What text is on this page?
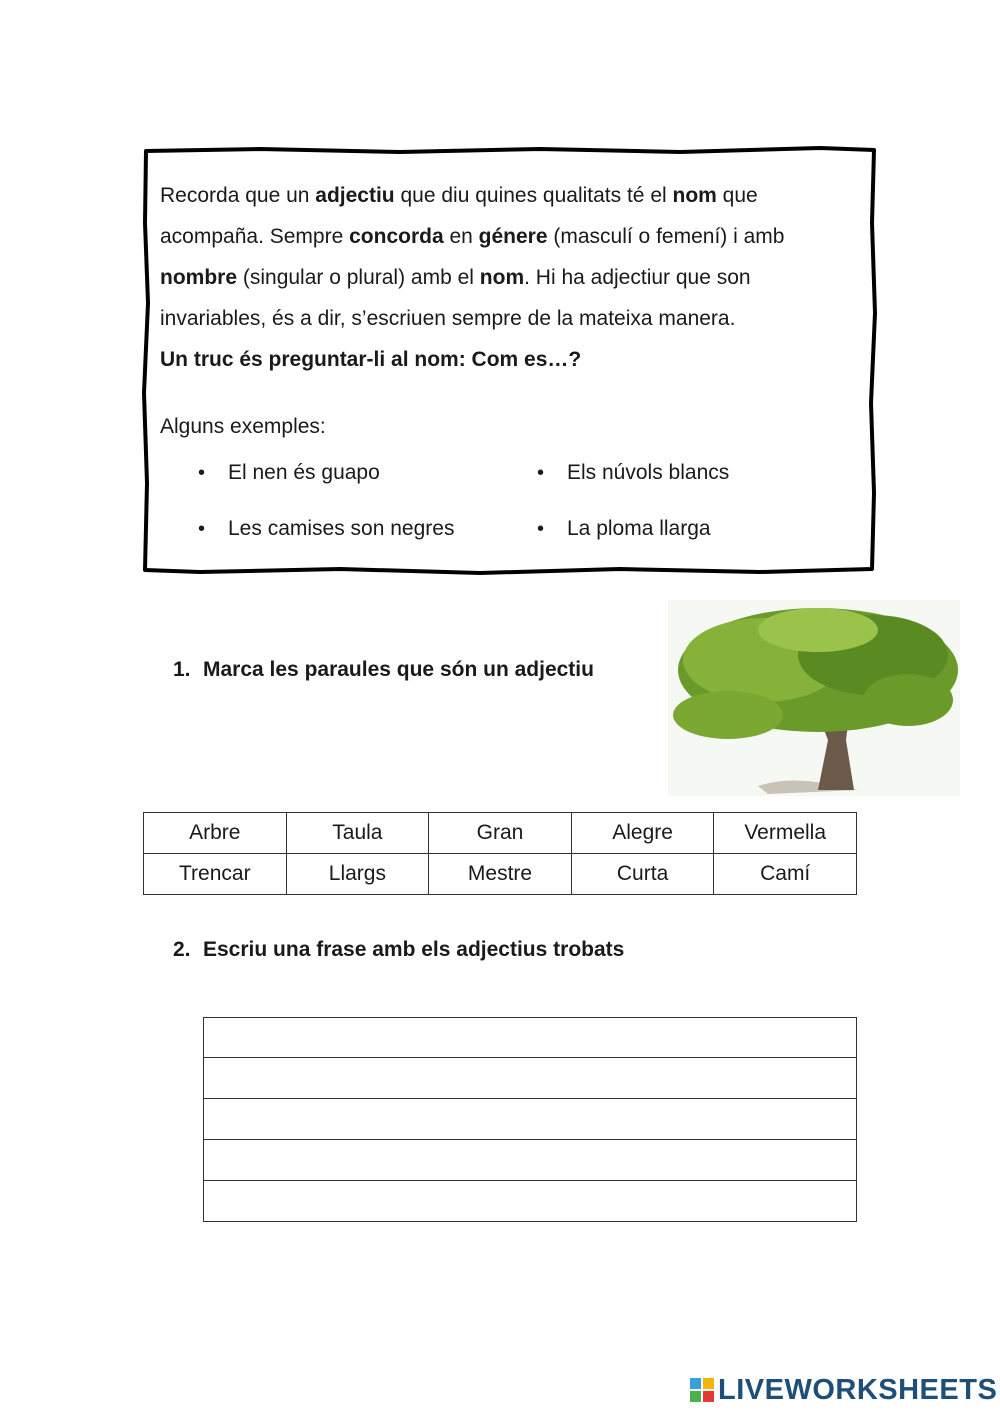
Recorda que un adjectiu que diu quines qualitats té el nom que

acompaña. Sempre concorda en génere (masculí o femení) i amb

nombre (singular o plural) amb el nom. Hi ha adjectiur que son

invariables, és a dir, s’escriuen sempre de la mateixa manera.

Un truc és preguntar-li al nom: Com es…?

Alguns exemples:

• El nen és guapo	• Els núvols blancs
• Les camises son negres	• La ploma llarga
1. Marca les paraules que són un adjectiu
Arbre	Taula	Gran	Alegre	Vermella
Trencar	Llargs	Mestre	Curta	Camí
2. Escriu una frase amb els adjectius trobats
LIVEWORKSHEETS
